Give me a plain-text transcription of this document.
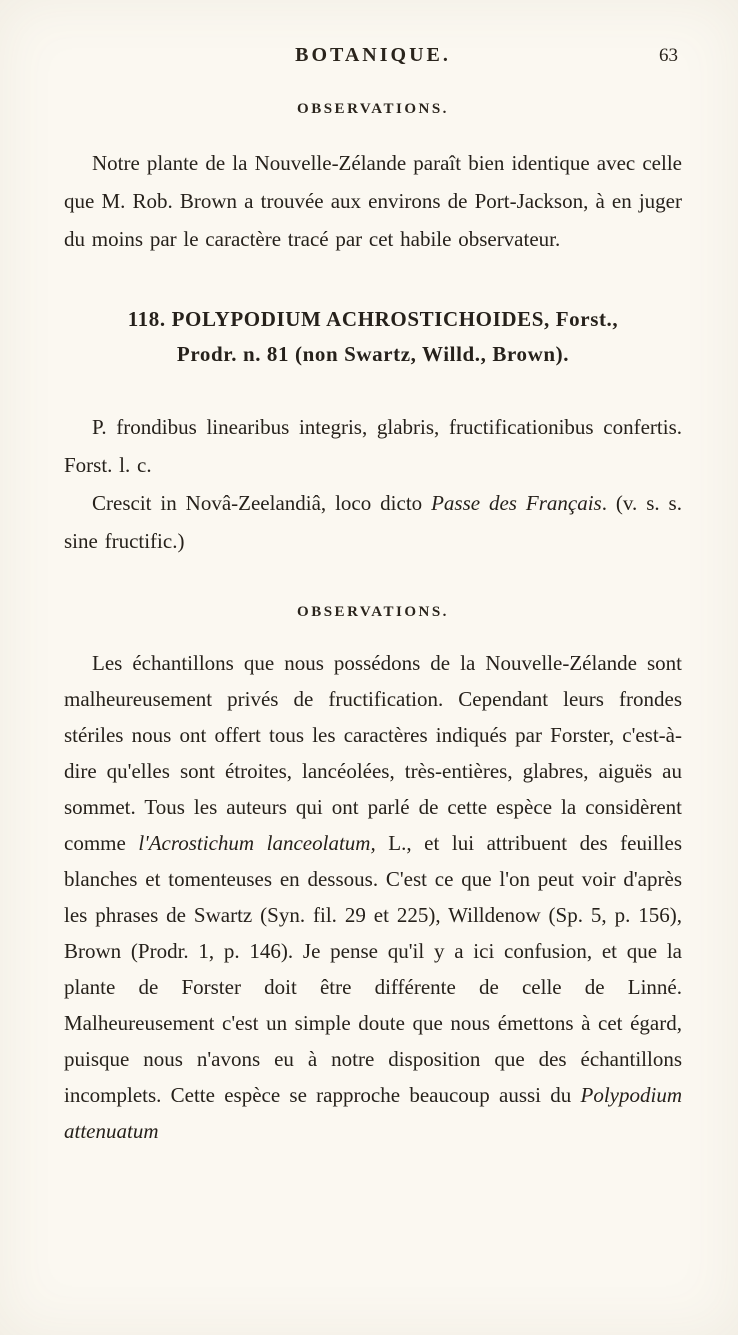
BOTANIQUE.	63
OBSERVATIONS.

Notre plante de la Nouvelle-Zélande paraît bien identique avec celle que M. Rob. Brown a trouvée aux environs de Port-Jackson, à en juger du moins par le caractère tracé par cet habile observateur.

118. POLYPODIUM ACHROSTICHOIDES, Forst.,
Prodr. n. 81 (non Swartz, Willd., Brown).

P. frondibus linearibus integris, glabris, fructificationibus confertis. Forst. l. c.

Crescit in Novâ-Zeelandiâ, loco dicto Passe des Français. (v. s. s. sine fructific.)

OBSERVATIONS.

Les échantillons que nous possédons de la Nouvelle-Zélande sont malheureusement privés de fructification. Cependant leurs frondes stériles nous ont offert tous les caractères indiqués par Forster, c'est-à-dire qu'elles sont étroites, lancéolées, très-entières, glabres, aiguës au sommet. Tous les auteurs qui ont parlé de cette espèce la considèrent comme l'Acrostichum lanceolatum, L., et lui attribuent des feuilles blanches et tomenteuses en dessous. C'est ce que l'on peut voir d'après les phrases de Swartz (Syn. fil. 29 et 225), Willdenow (Sp. 5, p. 156), Brown (Prodr. 1, p. 146). Je pense qu'il y a ici confusion, et que la plante de Forster doit être différente de celle de Linné. Malheureusement c'est un simple doute que nous émettons à cet égard, puisque nous n'avons eu à notre disposition que des échantillons incomplets. Cette espèce se rapproche beaucoup aussi du Polypodium attenuatum
